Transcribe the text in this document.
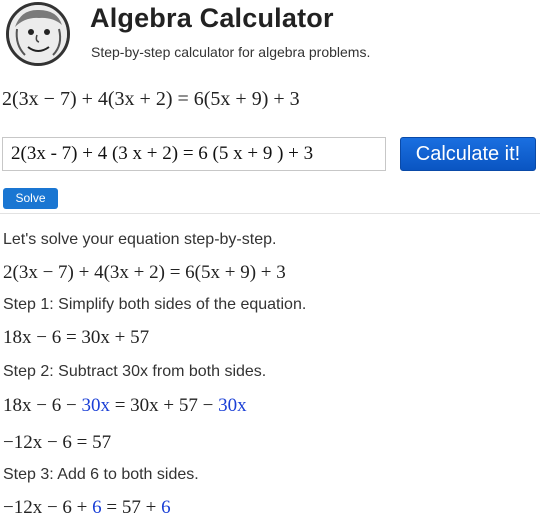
Algebra Calculator
Step-by-step calculator for algebra problems.
2(3x − 7) + 4(3x + 2) = 6(5x + 9) + 3
2(3x - 7) + 4 (3 x + 2) = 6 (5 x + 9 ) + 3
Calculate it!
Solve
Let's solve your equation step-by-step.
2(3x − 7) + 4(3x + 2) = 6(5x + 9) + 3
Step 1: Simplify both sides of the equation.
18x − 6 = 30x + 57
Step 2: Subtract 30x from both sides.
18x − 6 − 30x = 30x + 57 − 30x
−12x − 6 = 57
Step 3: Add 6 to both sides.
−12x − 6 + 6 = 57 + 6
